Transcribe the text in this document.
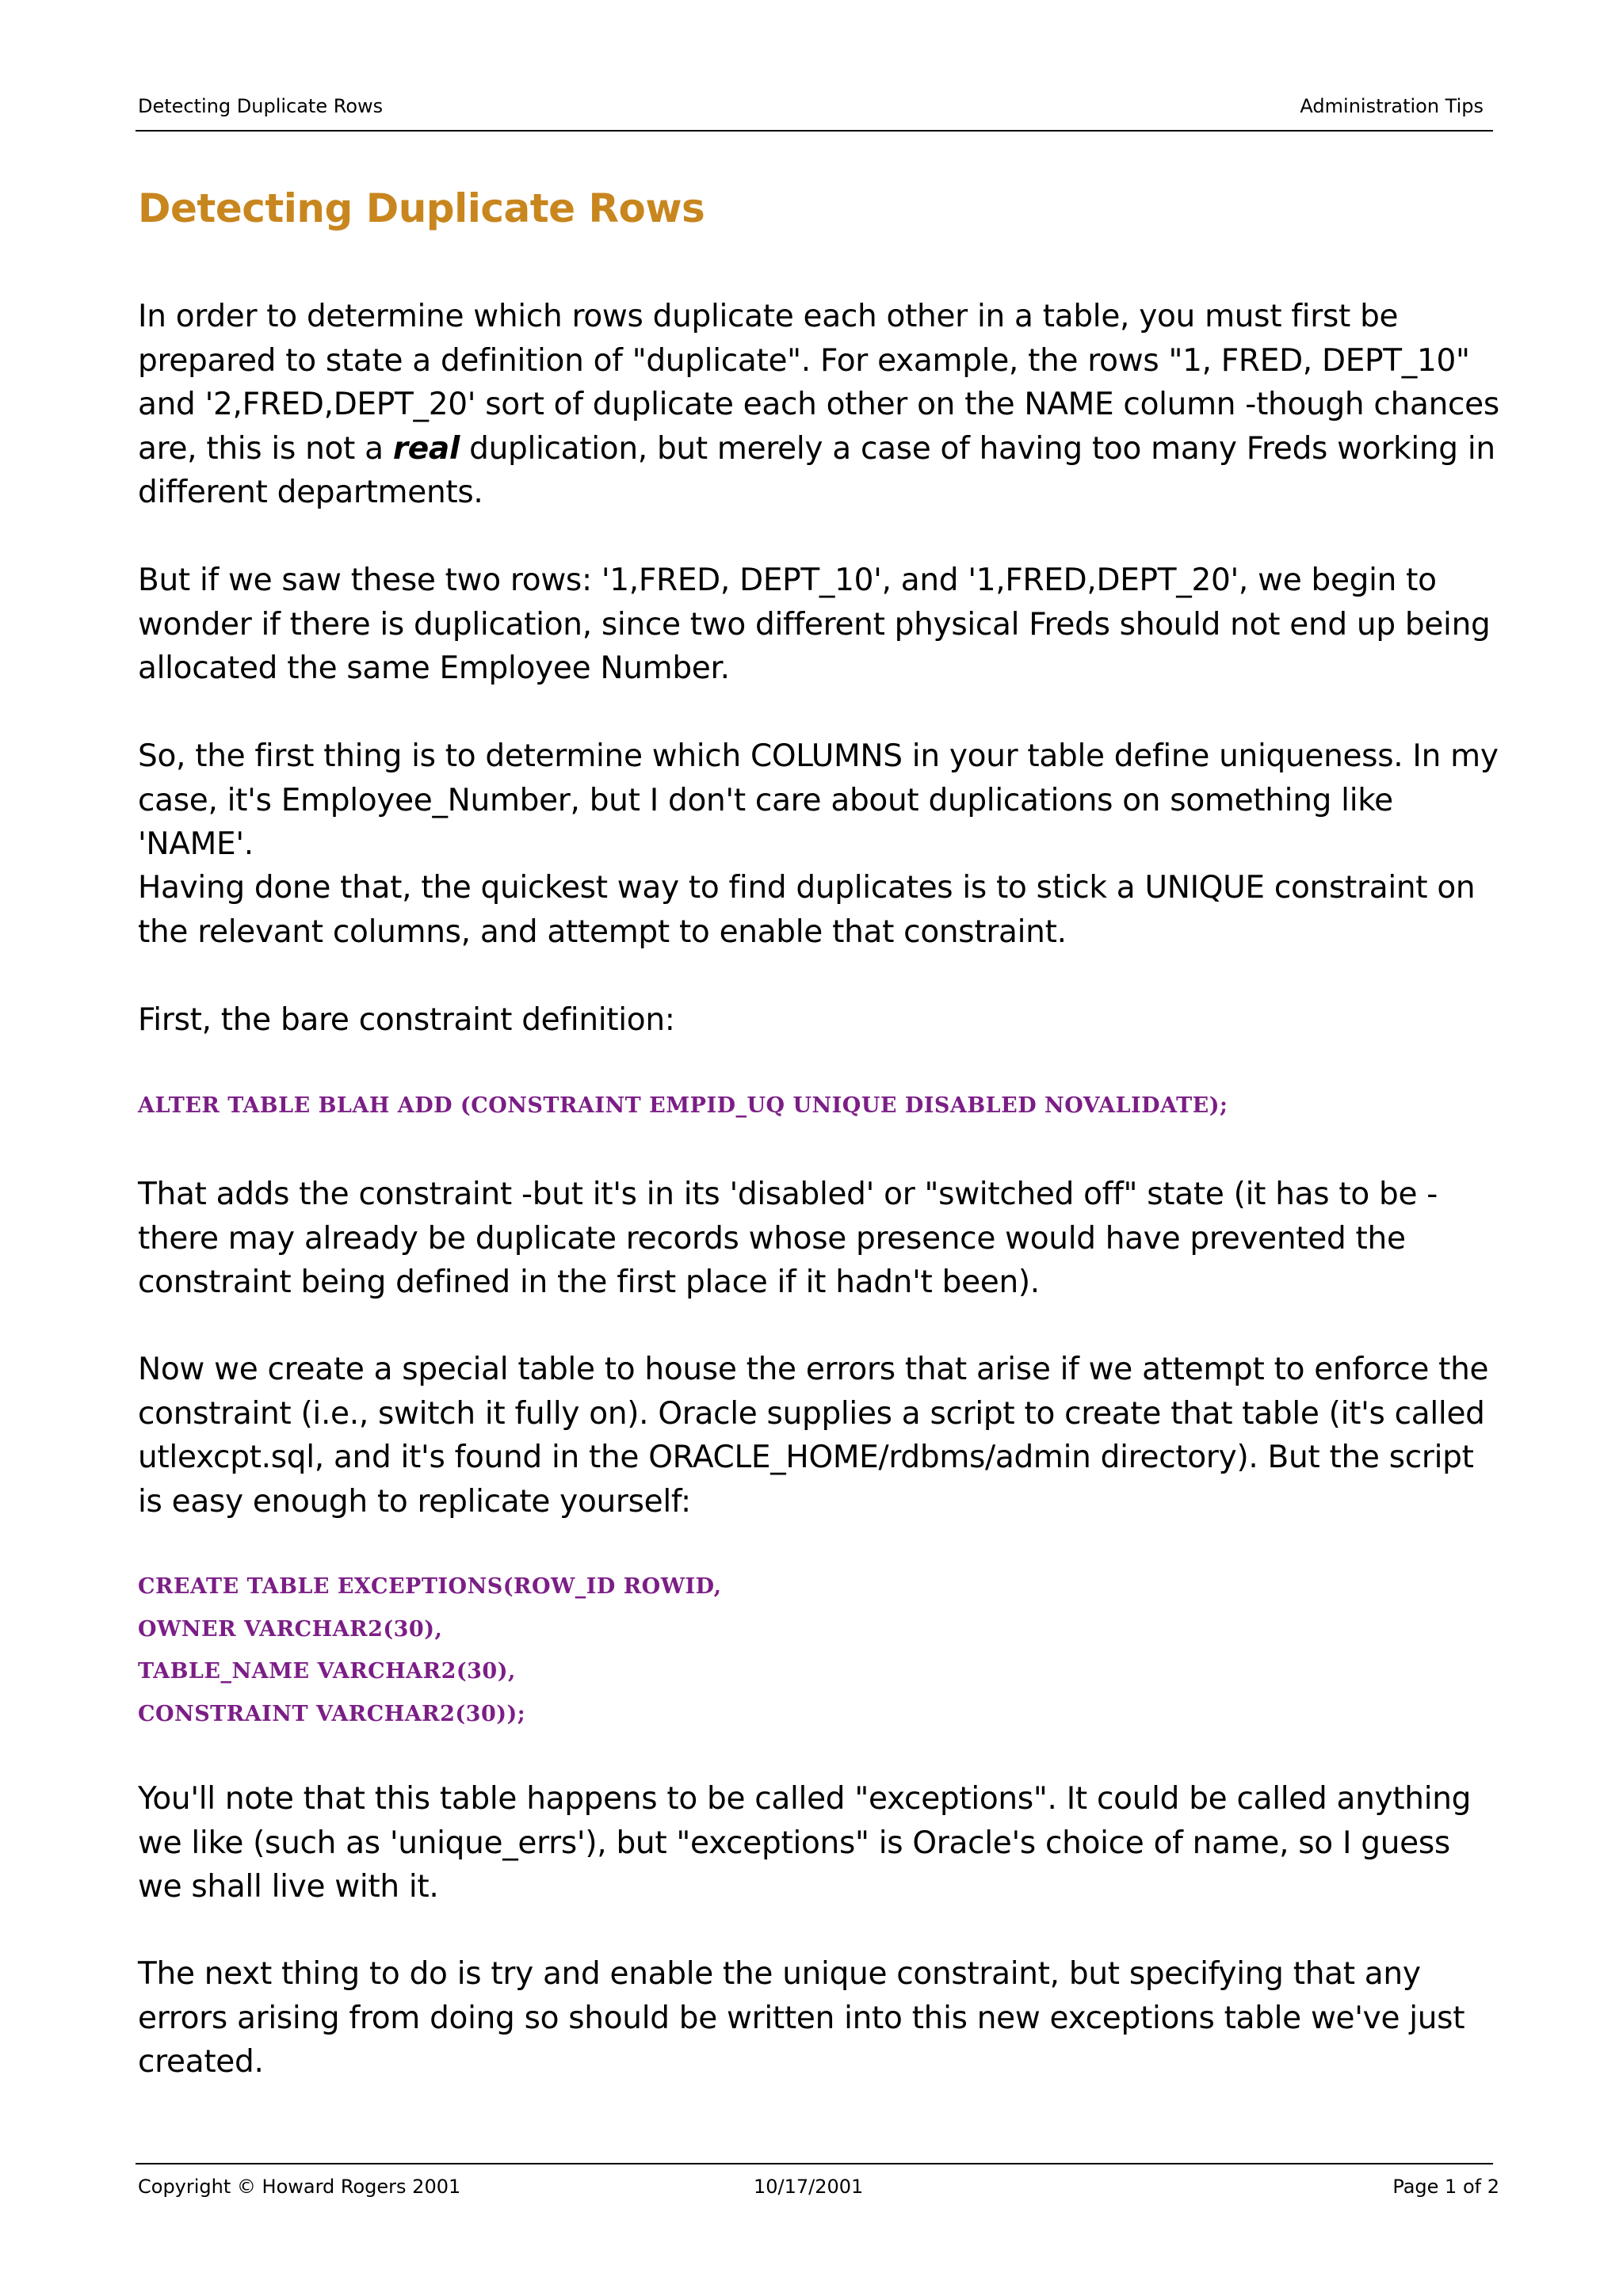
Detecting Duplicate Rows	Administration Tips
Detecting Duplicate Rows

In order to determine which rows duplicate each other in a table, you must first be prepared to state a definition of "duplicate". For example, the rows "1, FRED, DEPT_10" and '2,FRED,DEPT_20' sort of duplicate each other on the NAME column -though chances are, this is not a real duplication, but merely a case of having too many Freds working in different departments.

But if we saw these two rows: '1,FRED, DEPT_10', and '1,FRED,DEPT_20', we begin to wonder if there is duplication, since two different physical Freds should not end up being allocated the same Employee Number.

So, the first thing is to determine which COLUMNS in your table define uniqueness. In my case, it's Employee_Number, but I don't care about duplications on something like 'NAME'.

Having done that, the quickest way to find duplicates is to stick a UNIQUE constraint on the relevant columns, and attempt to enable that constraint.

First, the bare constraint definition:

ALTER TABLE BLAH ADD (CONSTRAINT EMPID_UQ UNIQUE DISABLED NOVALIDATE);

That adds the constraint -but it's in its 'disabled' or "switched off" state (it has to be -there may already be duplicate records whose presence would have prevented the constraint being defined in the first place if it hadn't been).

Now we create a special table to house the errors that arise if we attempt to enforce the constraint (i.e., switch it fully on). Oracle supplies a script to create that table (it's called utlexcpt.sql, and it's found in the ORACLE_HOME/rdbms/admin directory). But the script is easy enough to replicate yourself:

CREATE TABLE EXCEPTIONS(ROW_ID ROWID,
OWNER VARCHAR2(30),
TABLE_NAME VARCHAR2(30),
CONSTRAINT VARCHAR2(30));

You'll note that this table happens to be called "exceptions". It could be called anything we like (such as 'unique_errs'), but "exceptions" is Oracle's choice of name, so I guess we shall live with it.

The next thing to do is try and enable the unique constraint, but specifying that any errors arising from doing so should be written into this new exceptions table we've just created.

Copyright © Howard Rogers 2001	10/17/2001	Page 1 of 2
